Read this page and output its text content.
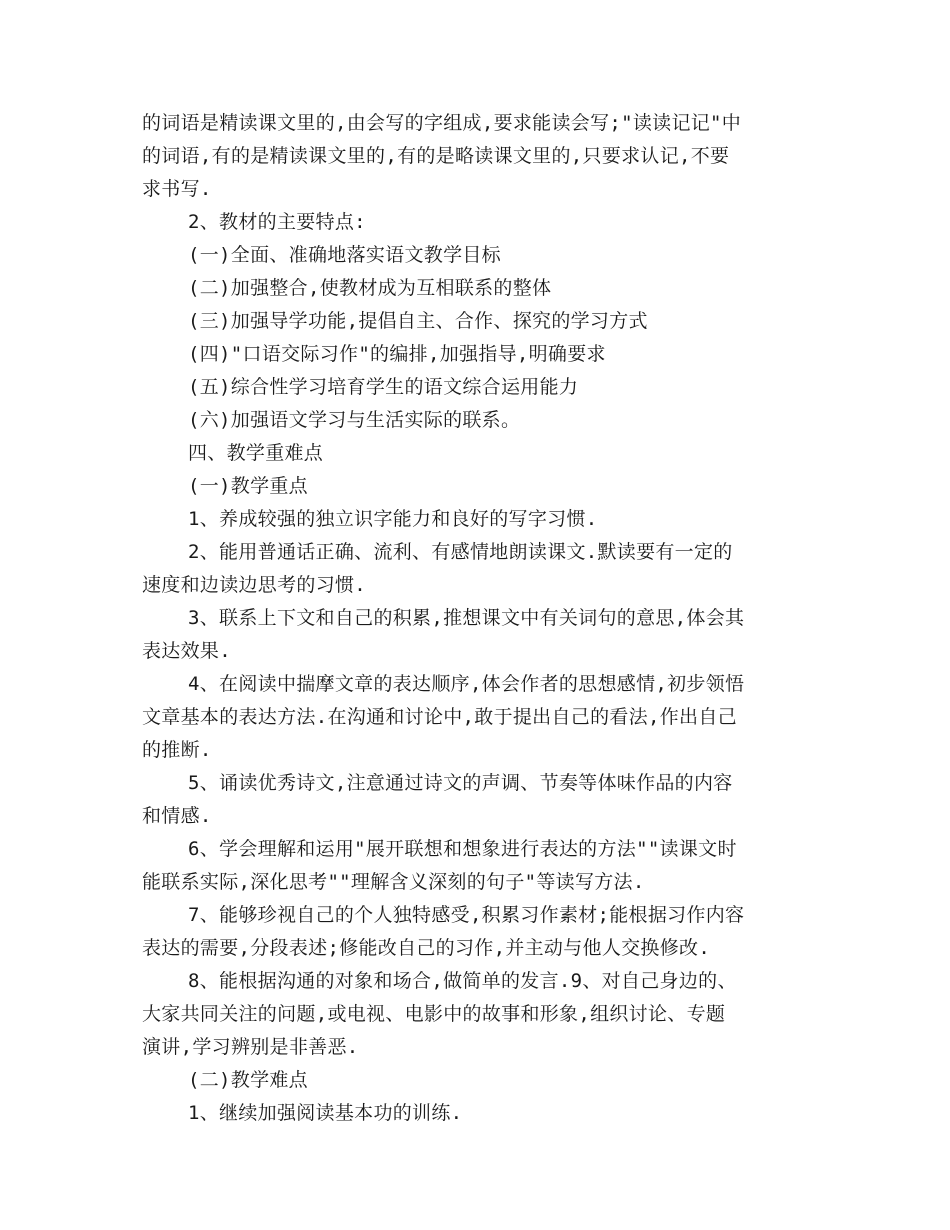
的词语是精读课文里的,由会写的字组成,要求能读会写;"读读记记"中
的词语,有的是精读课文里的,有的是略读课文里的,只要求认记,不要
求书写.
2、教材的主要特点:
(一)全面、准确地落实语文教学目标
(二)加强整合,使教材成为互相联系的整体
(三)加强导学功能,提倡自主、合作、探究的学习方式
(四)"口语交际习作"的编排,加强指导,明确要求
(五)综合性学习培育学生的语文综合运用能力
(六)加强语文学习与生活实际的联系。
四、教学重难点
(一)教学重点
1、养成较强的独立识字能力和良好的写字习惯.
2、能用普通话正确、流利、有感情地朗读课文.默读要有一定的
速度和边读边思考的习惯.
3、联系上下文和自己的积累,推想课文中有关词句的意思,体会其
表达效果.
4、在阅读中揣摩文章的表达顺序,体会作者的思想感情,初步领悟
文章基本的表达方法.在沟通和讨论中,敢于提出自己的看法,作出自己
的推断.
5、诵读优秀诗文,注意通过诗文的声调、节奏等体味作品的内容
和情感.
6、学会理解和运用"展开联想和想象进行表达的方法""读课文时
能联系实际,深化思考""理解含义深刻的句子"等读写方法.
7、能够珍视自己的个人独特感受,积累习作素材;能根据习作内容
表达的需要,分段表述;修能改自己的习作,并主动与他人交换修改.
8、能根据沟通的对象和场合,做简单的发言.9、对自己身边的、
大家共同关注的问题,或电视、电影中的故事和形象,组织讨论、专题
演讲,学习辨别是非善恶.
(二)教学难点
1、继续加强阅读基本功的训练.
